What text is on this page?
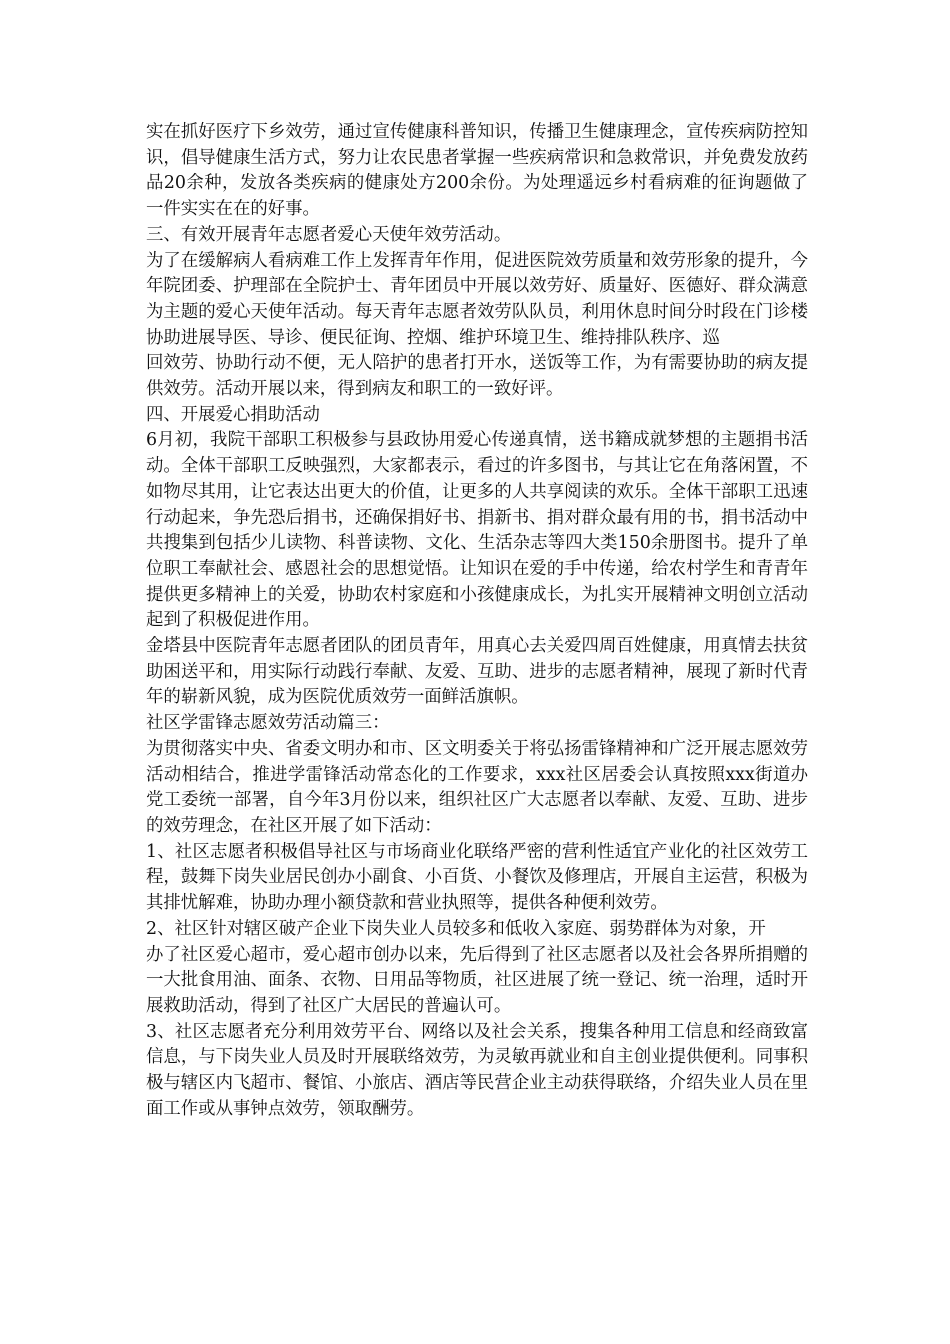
实在抓好医疗下乡效劳，通过宣传健康科普知识，传播卫生健康理念，宣传疾病防控知识，倡导健康生活方式，努力让农民患者掌握一些疾病常识和急救常识，并免费发放药品20余种，发放各类疾病的健康处方200余份。为处理遥远乡村看病难的征询题做了一件实实在在的好事。

三、有效开展青年志愿者爱心天使年效劳活动。

为了在缓解病人看病难工作上发挥青年作用，促进医院效劳质量和效劳形象的提升，今年院团委、护理部在全院护士、青年团员中开展以效劳好、质量好、医德好、群众满意为主题的爱心天使年活动。每天青年志愿者效劳队队员，利用休息时间分时段在门诊楼协助进展导医、导诊、便民征询、控烟、维护环境卫生、维持排队秩序、巡

回效劳、协助行动不便，无人陪护的患者打开水，送饭等工作，为有需要协助的病友提供效劳。活动开展以来，得到病友和职工的一致好评。

四、开展爱心捐助活动

6月初，我院干部职工积极参与县政协用爱心传递真情，送书籍成就梦想的主题捐书活动。全体干部职工反映强烈，大家都表示，看过的许多图书，与其让它在角落闲置，不如物尽其用，让它表达出更大的价值，让更多的人共享阅读的欢乐。全体干部职工迅速行动起来，争先恐后捐书，还确保捐好书、捐新书、捐对群众最有用的书，捐书活动中共搜集到包括少儿读物、科普读物、文化、生活杂志等四大类150余册图书。提升了单位职工奉献社会、感恩社会的思想觉悟。让知识在爱的手中传递，给农村学生和青青年提供更多精神上的关爱，协助农村家庭和小孩健康成长，为扎实开展精神文明创立活动起到了积极促进作用。

金塔县中医院青年志愿者团队的团员青年，用真心去关爱四周百姓健康，用真情去扶贫助困送平和，用实际行动践行奉献、友爱、互助、进步的志愿者精神，展现了新时代青年的崭新风貌，成为医院优质效劳一面鲜活旗帜。

社区学雷锋志愿效劳活动篇三：

为贯彻落实中央、省委文明办和市、区文明委关于将弘扬雷锋精神和广泛开展志愿效劳活动相结合，推进学雷锋活动常态化的工作要求，xxx社区居委会认真按照xxx街道办党工委统一部署，自今年3月份以来，组织社区广大志愿者以奉献、友爱、互助、进步的效劳理念，在社区开展了如下活动：

1、社区志愿者积极倡导社区与市场商业化联络严密的营利性适宜产业化的社区效劳工程，鼓舞下岗失业居民创办小副食、小百货、小餐饮及修理店，开展自主运营，积极为其排忧解难，协助办理小额贷款和营业执照等，提供各种便利效劳。

2、社区针对辖区破产企业下岗失业人员较多和低收入家庭、弱势群体为对象，开

办了社区爱心超市，爱心超市创办以来，先后得到了社区志愿者以及社会各界所捐赠的一大批食用油、面条、衣物、日用品等物质，社区进展了统一登记、统一治理，适时开展救助活动，得到了社区广大居民的普遍认可。

3、社区志愿者充分利用效劳平台、网络以及社会关系，搜集各种用工信息和经商致富信息，与下岗失业人员及时开展联络效劳，为灵敏再就业和自主创业提供便利。同事积极与辖区内飞超市、餐馆、小旅店、酒店等民营企业主动获得联络，介绍失业人员在里面工作或从事钟点效劳，领取酬劳。
